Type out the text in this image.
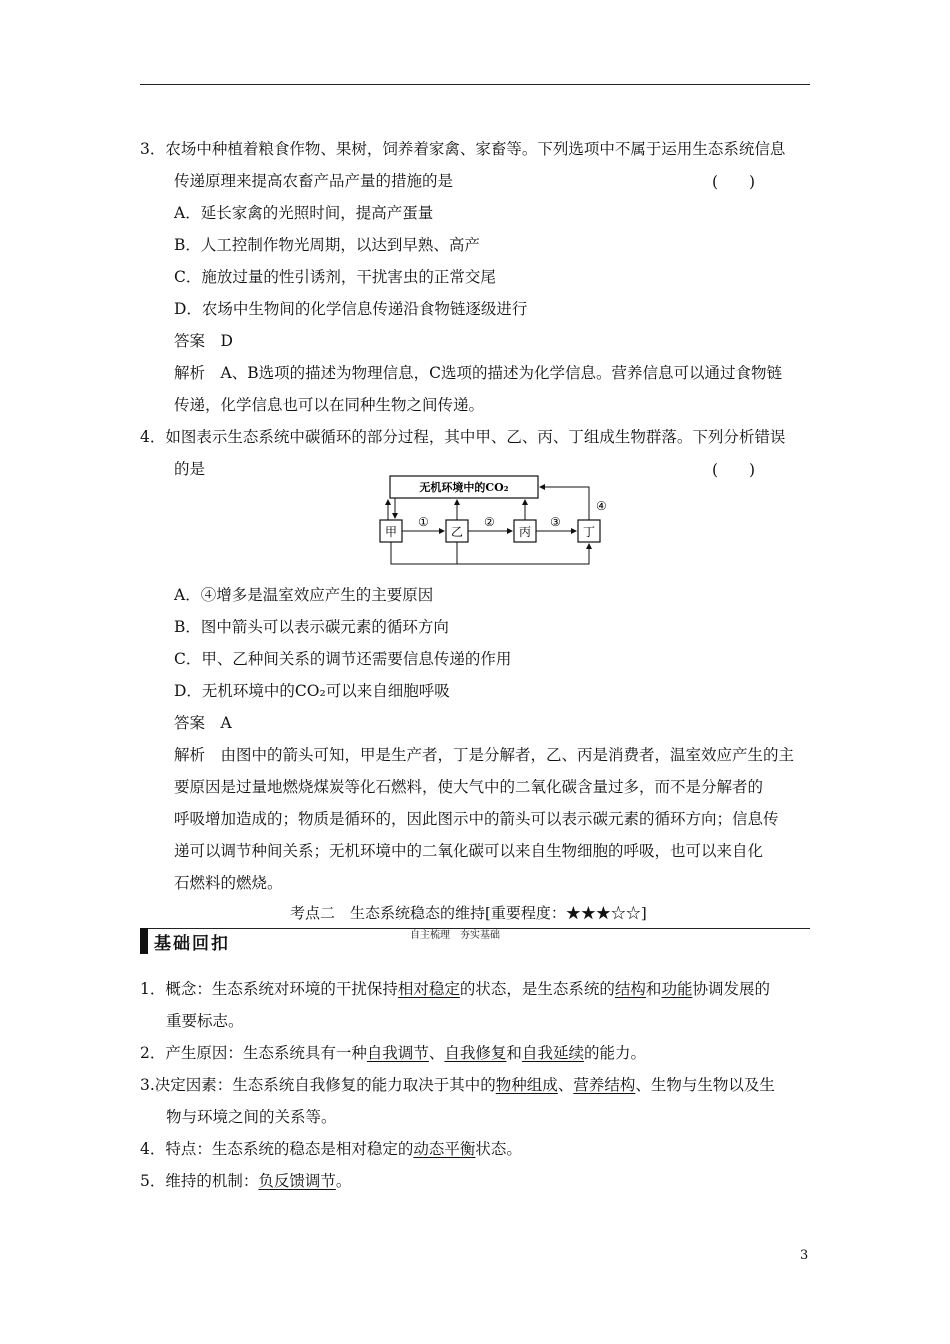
3．农场中种植着粮食作物、果树，饲养着家禽、家畜等。下列选项中不属于运用生态系统信息
传递原理来提高农畜产品产量的措施的是	(　　)
A．延长家禽的光照时间，提高产蛋量
B．人工控制作物光周期，以达到早熟、高产
C．施放过量的性引诱剂，干扰害虫的正常交尾
D．农场中生物间的化学信息传递沿食物链逐级进行
答案　D
解析　A、B选项的描述为物理信息，C选项的描述为化学信息。营养信息可以通过食物链
传递，化学信息也可以在同种生物之间传递。
4．如图表示生态系统中碳循环的部分过程，其中甲、乙、丙、丁组成生物群落。下列分析错误
的是	(　　)
无机环境中的CO₂
甲	乙	丙	丁
④
①	②	③
A．④增多是温室效应产生的主要原因
B．图中箭头可以表示碳元素的循环方向
C．甲、乙种间关系的调节还需要信息传递的作用
D．无机环境中的CO₂可以来自细胞呼吸
答案　A
解析　由图中的箭头可知，甲是生产者，丁是分解者，乙、丙是消费者，温室效应产生的主
要原因是过量地燃烧煤炭等化石燃料，使大气中的二氧化碳含量过多，而不是分解者的
呼吸增加造成的；物质是循环的，因此图示中的箭头可以表示碳元素的循环方向；信息传
递可以调节种间关系；无机环境中的二氧化碳可以来自生物细胞的呼吸，也可以来自化
石燃料的燃烧。
考点二　生态系统稳态的维持[重要程度：★★★☆☆]
自主梳理　夯实基础
基础回扣
1．概念：生态系统对环境的干扰保持相对稳定的状态，是生态系统的结构和功能协调发展的
重要标志。
2．产生原因：生态系统具有一种自我调节、自我修复和自我延续的能力。
3.决定因素：生态系统自我修复的能力取决于其中的物种组成、营养结构、生物与生物以及生
物与环境之间的关系等。
4．特点：生态系统的稳态是相对稳定的动态平衡状态。
5．维持的机制：负反馈调节。
3
